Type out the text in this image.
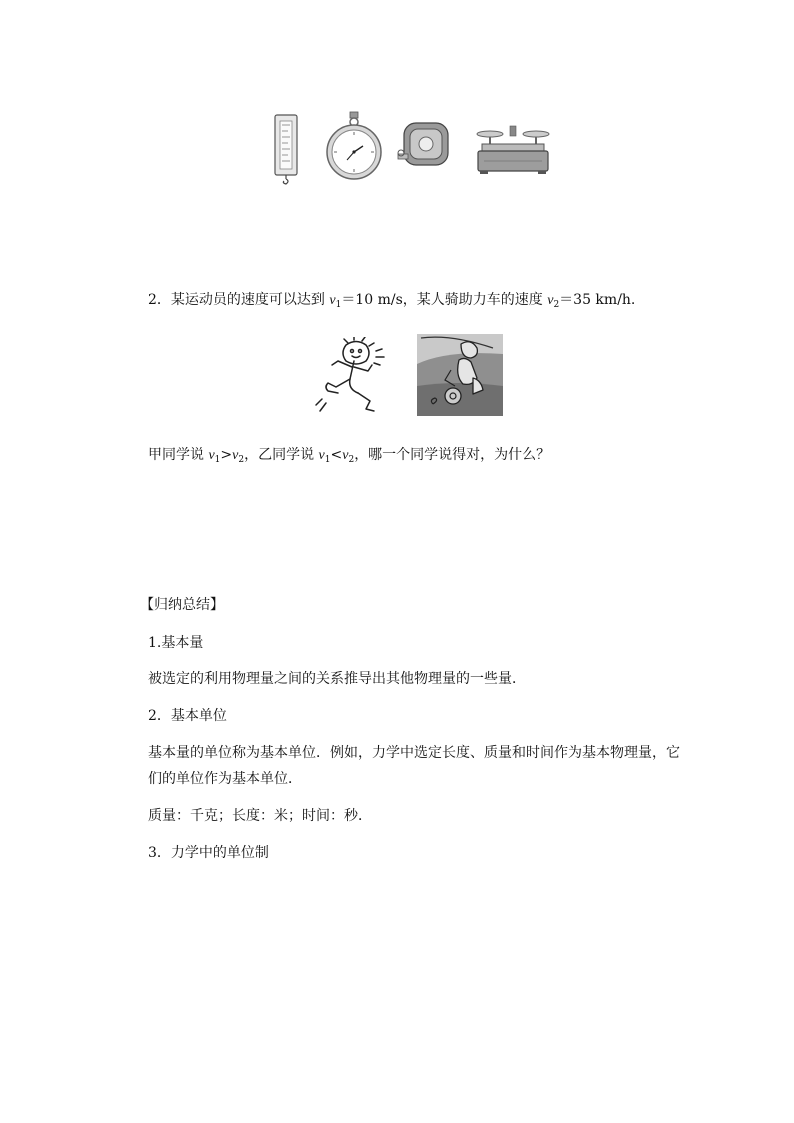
2．某运动员的速度可以达到 $v_1=10$ m/s，某人骑助力车的速度 $v_2=35$ km/h.
甲同学说 $v_1>v_2$，乙同学说 $v_1<v_2$，哪一个同学说得对，为什么？
【归纳总结】
1.基本量
被选定的利用物理量之间的关系推导出其他物理量的一些量．
2．基本单位
基本量的单位称为基本单位．例如，力学中选定长度、质量和时间作为基本物理量，它
们的单位作为基本单位．
质量：千克；长度：米；时间：秒．
3．力学中的单位制
